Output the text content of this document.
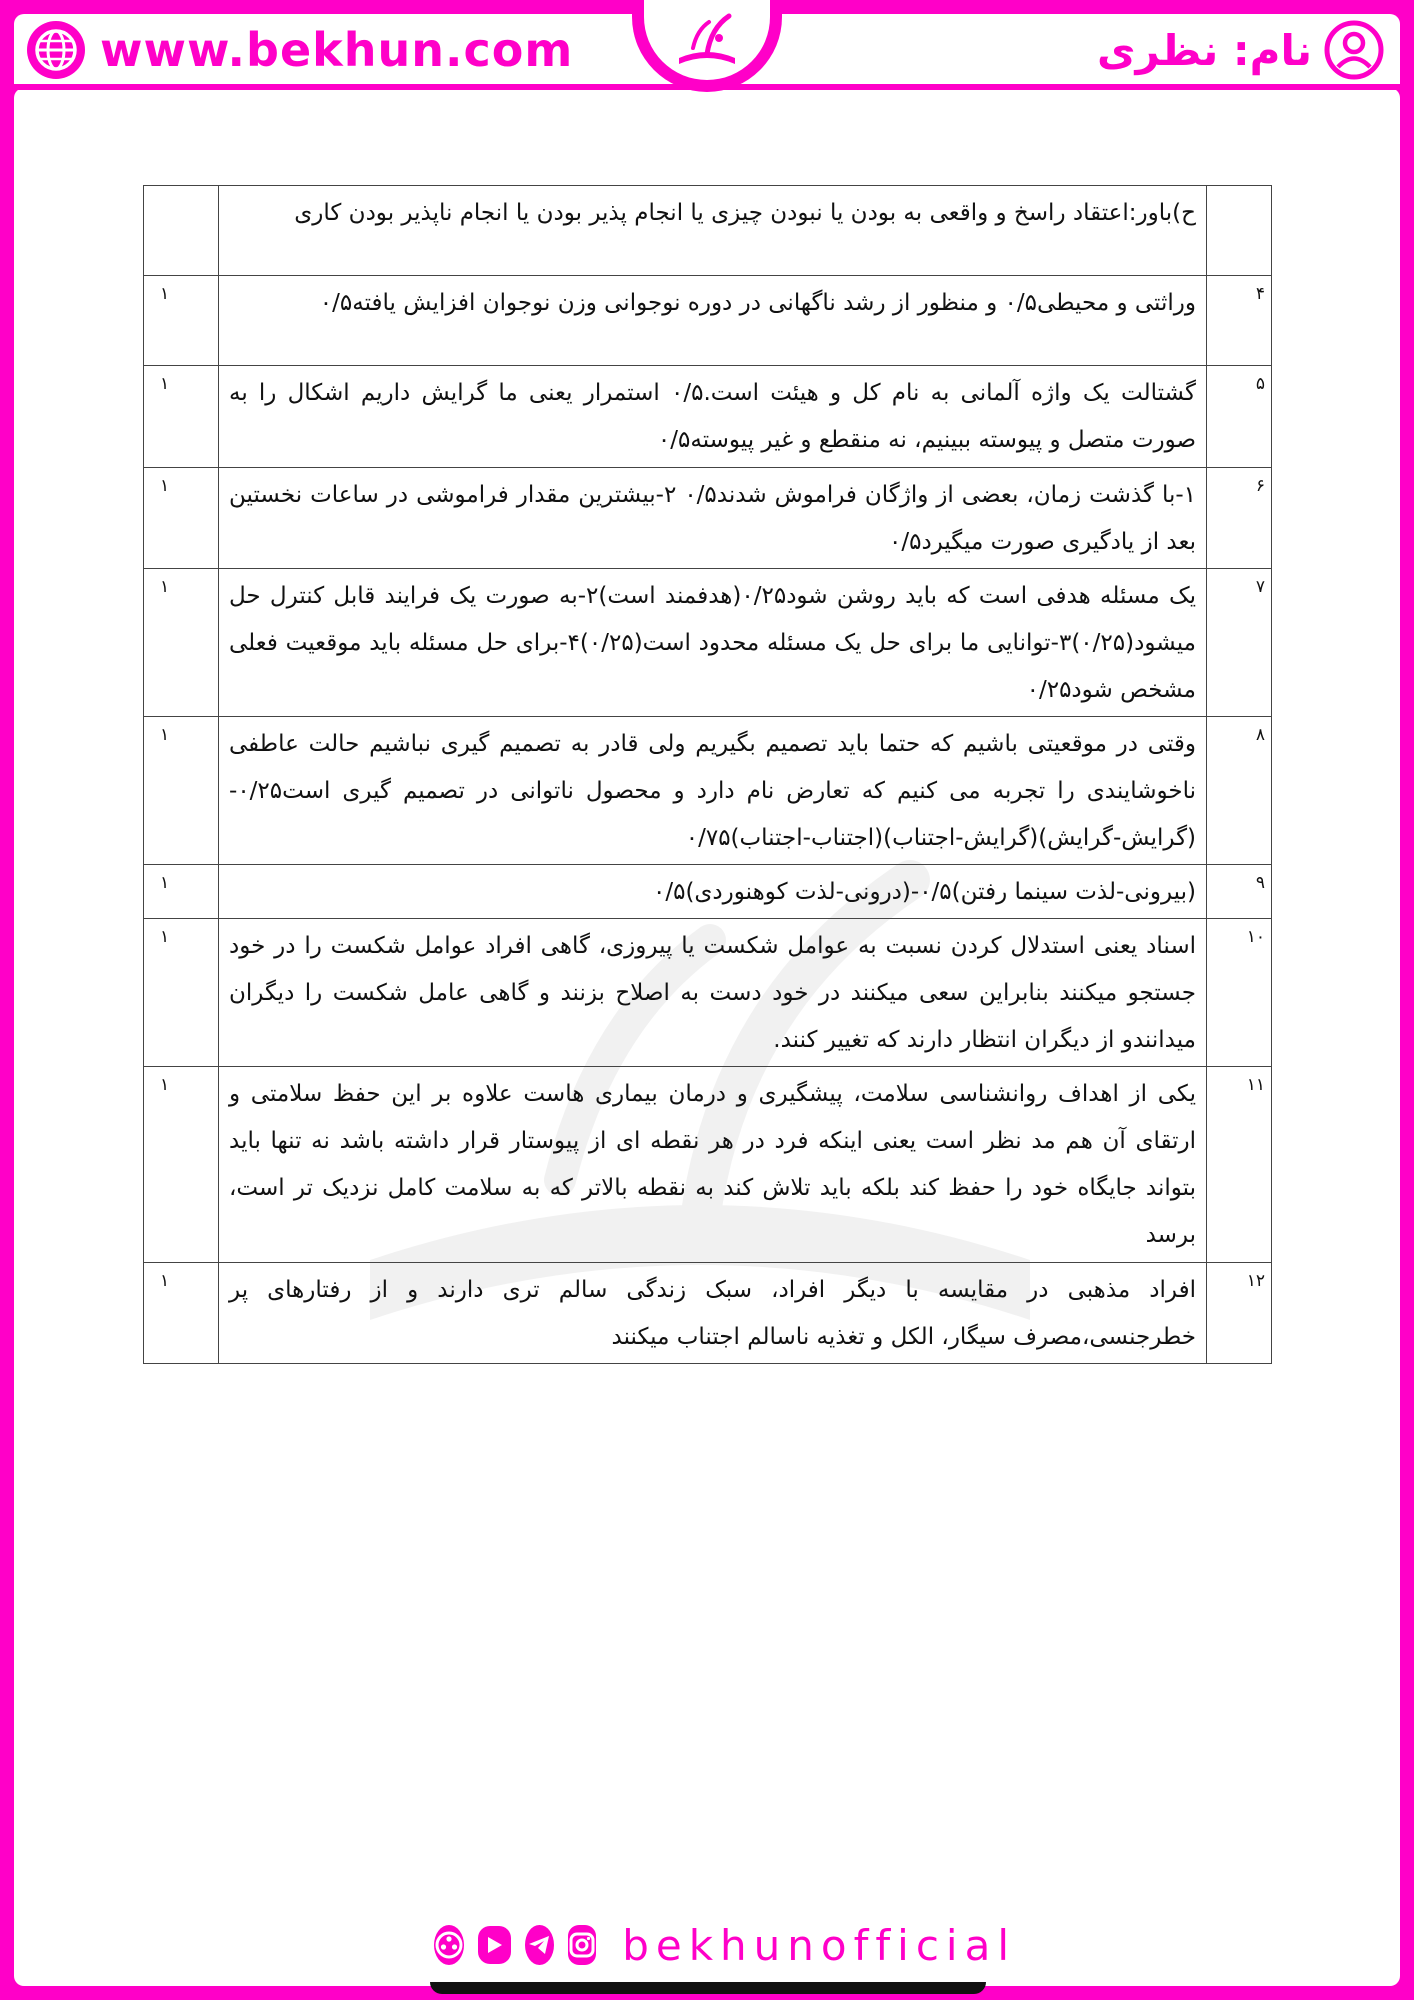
www.bekhun.com	نام: نظری
	ح)باور:اعتقاد راسخ و واقعی به بودن یا نبودن چیزی یا انجام پذیر بودن یا انجام ناپذیر بودن کاری	
۴	وراثتی و محیطی۰/۵ و منظور از رشد ناگهانی در دوره نوجوانی وزن نوجوان افزایش یافته۰/۵	۱
۵	گشتالت یک واژه آلمانی به نام کل و هیئت است.۰/۵ استمرار یعنی ما گرایش داریم اشکال را به صورت متصل و پیوسته ببینیم، نه منقطع و غیر پیوسته۰/۵	۱
۶	۱-با گذشت زمان، بعضی از واژگان فراموش شدند۰/۵ ۲-بیشترین مقدار فراموشی در ساعات نخستین بعد از یادگیری صورت میگیرد۰/۵	۱
۷	یک مسئله هدفی است که باید روشن شود۰/۲۵(هدفمند است)۲-به صورت یک فرایند قابل کنترل حل میشود(۰/۲۵)۳-توانایی ما برای حل یک مسئله محدود است(۰/۲۵)۴-برای حل مسئله باید موقعیت فعلی مشخص شود۰/۲۵	۱
۸	وقتی در موقعیتی باشیم که حتما باید تصمیم بگیریم ولی قادر به تصمیم گیری نباشیم حالت عاطفی ناخوشایندی را تجربه می کنیم که تعارض نام دارد و محصول ناتوانی در تصمیم گیری است۰/۲۵-(گرایش-گرایش)(گرایش-اجتناب)(اجتناب-اجتناب)۰/۷۵	۱
۹	(بیرونی-لذت سینما رفتن)۰/۵-(درونی-لذت کوهنوردی)۰/۵	۱
۱۰	اسناد یعنی استدلال کردن نسبت به عوامل شکست یا پیروزی، گاهی افراد عوامل شکست را در خود جستجو میکنند بنابراین سعی میکنند در خود دست به اصلاح بزنند و گاهی عامل شکست را دیگران میدانندو از دیگران انتظار دارند که تغییر کنند.	۱
۱۱	یکی از اهداف روانشناسی سلامت، پیشگیری و درمان بیماری هاست علاوه بر این حفظ سلامتی و ارتقای آن هم مد نظر است یعنی اینکه فرد در هر نقطه ای از پیوستار قرار داشته باشد نه تنها باید بتواند جایگاه خود را حفظ کند بلکه باید تلاش کند به نقطه بالاتر که به سلامت کامل نزدیک تر است، برسد	۱
۱۲	افراد مذهبی در مقایسه با دیگر افراد، سبک زندگی سالم تری دارند و از رفتارهای پر خطرجنسی،مصرف سیگار، الکل و تغذیه ناسالم اجتناب میکنند	۱
bekhunofficial
